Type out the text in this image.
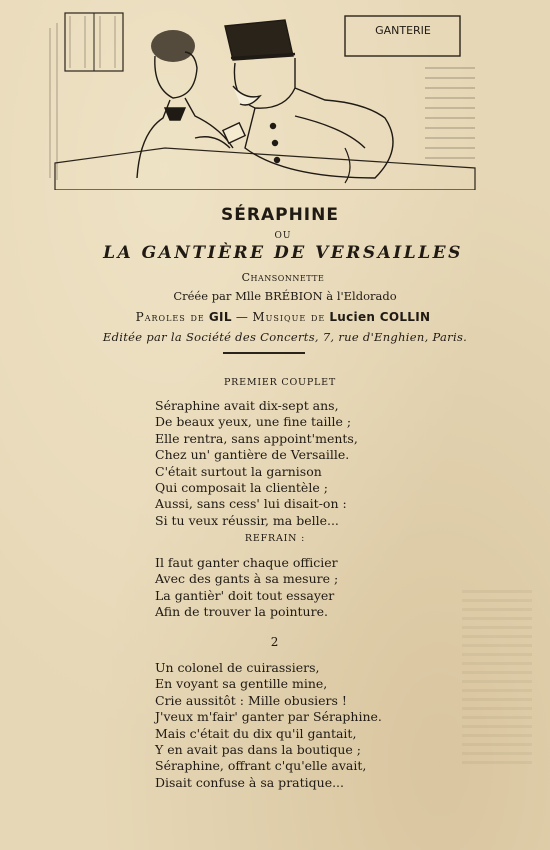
GANTERIE
SÉRAPHINE
OU
LA GANTIÈRE DE VERSAILLES
Chansonnette
Créée par Mlle BRÉBION à l'Eldorado
Paroles de GIL — Musique de Lucien COLLIN
Editée par la Société des Concerts, 7, rue d'Enghien, Paris.
PREMIER COUPLET
Séraphine avait dix-sept ans,
De beaux yeux, une fine taille ;
Elle rentra, sans appoint'ments,
Chez un' gantière de Versaille.
C'était surtout la garnison
Qui composait la clientèle ;
Aussi, sans cess' lui disait-on :
Si tu veux réussir, ma belle...
REFRAIN :
Il faut ganter chaque officier
Avec des gants à sa mesure ;
La gantièr' doit tout essayer
Afin de trouver la pointure.
2
Un colonel de cuirassiers,
En voyant sa gentille mine,
Crie aussitôt : Mille obusiers !
J'veux m'fair' ganter par Séraphine.
Mais c'était du dix qu'il gantait,
Y en avait pas dans la boutique ;
Séraphine, offrant c'qu'elle avait,
Disait confuse à sa pratique...
